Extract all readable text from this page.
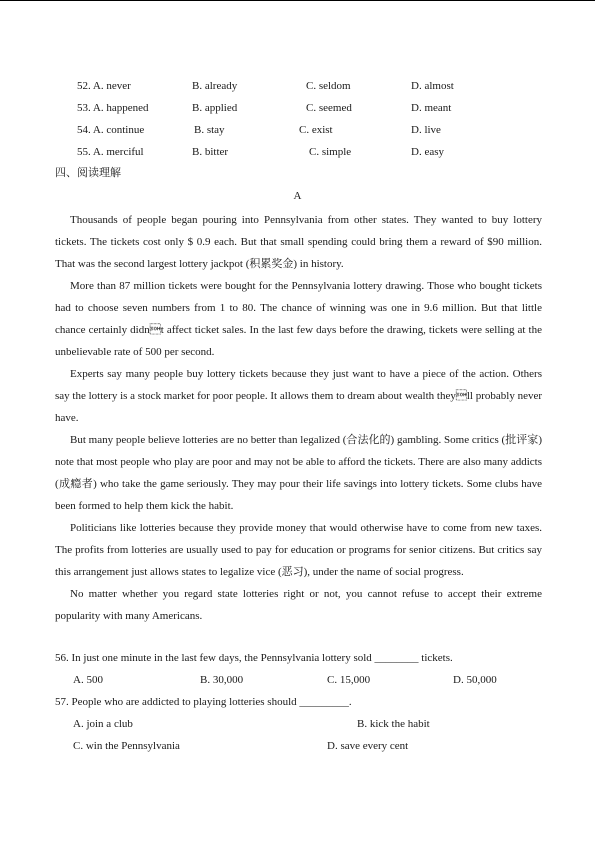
52. A. never	B. already	C. seldom	D. almost
53. A. happened	B. applied	C. seemed	D. meant
54. A. continue	B. stay	C. exist	D. live
55. A. merciful	B. bitter	C. simple	D. easy
四、阅读理解
A

Thousands of people began pouring into Pennsylvania from other states. They wanted to buy lottery tickets. The tickets cost only $ 0.9 each. But that small spending could bring them a reward of $90 million. That was the second largest lottery jackpot (积累奖金) in history.

More than 87 million tickets were bought for the Pennsylvania lottery drawing. Those who bought tickets had to choose seven numbers from 1 to 80. The chance of winning was one in 9.6 million. But that little chance certainly didnt affect ticket sales. In the last few days before the drawing, tickets were selling at the unbelievable rate of 500 per second.

Experts say many people buy lottery tickets because they just want to have a piece of the action. Others say the lottery is a stock market for poor people. It allows them to dream about wealth theyll probably never have.

But many people believe lotteries are no better than legalized (合法化的) gambling. Some critics (批评家) note that most people who play are poor and may not be able to afford the tickets. There are also many addicts (成瘾者) who take the game seriously. They may pour their life savings into lottery tickets. Some clubs have been formed to help them kick the habit.

Politicians like lotteries because they provide money that would otherwise have to come from new taxes. The profits from lotteries are usually used to pay for education or programs for senior citizens. But critics say this arrangement just allows states to legalize vice (恶习), under the name of social progress.

No matter whether you regard state lotteries right or not, you cannot refuse to accept their extreme popularity with many Americans.

56. In just one minute in the last few days, the Pennsylvania lottery sold ________ tickets.
A. 500	B. 30,000	C. 15,000	D. 50,000
57. People who are addicted to playing lotteries should _________.
A. join a club	B. kick the habit
C. win the Pennsylvania	D. save every cent
